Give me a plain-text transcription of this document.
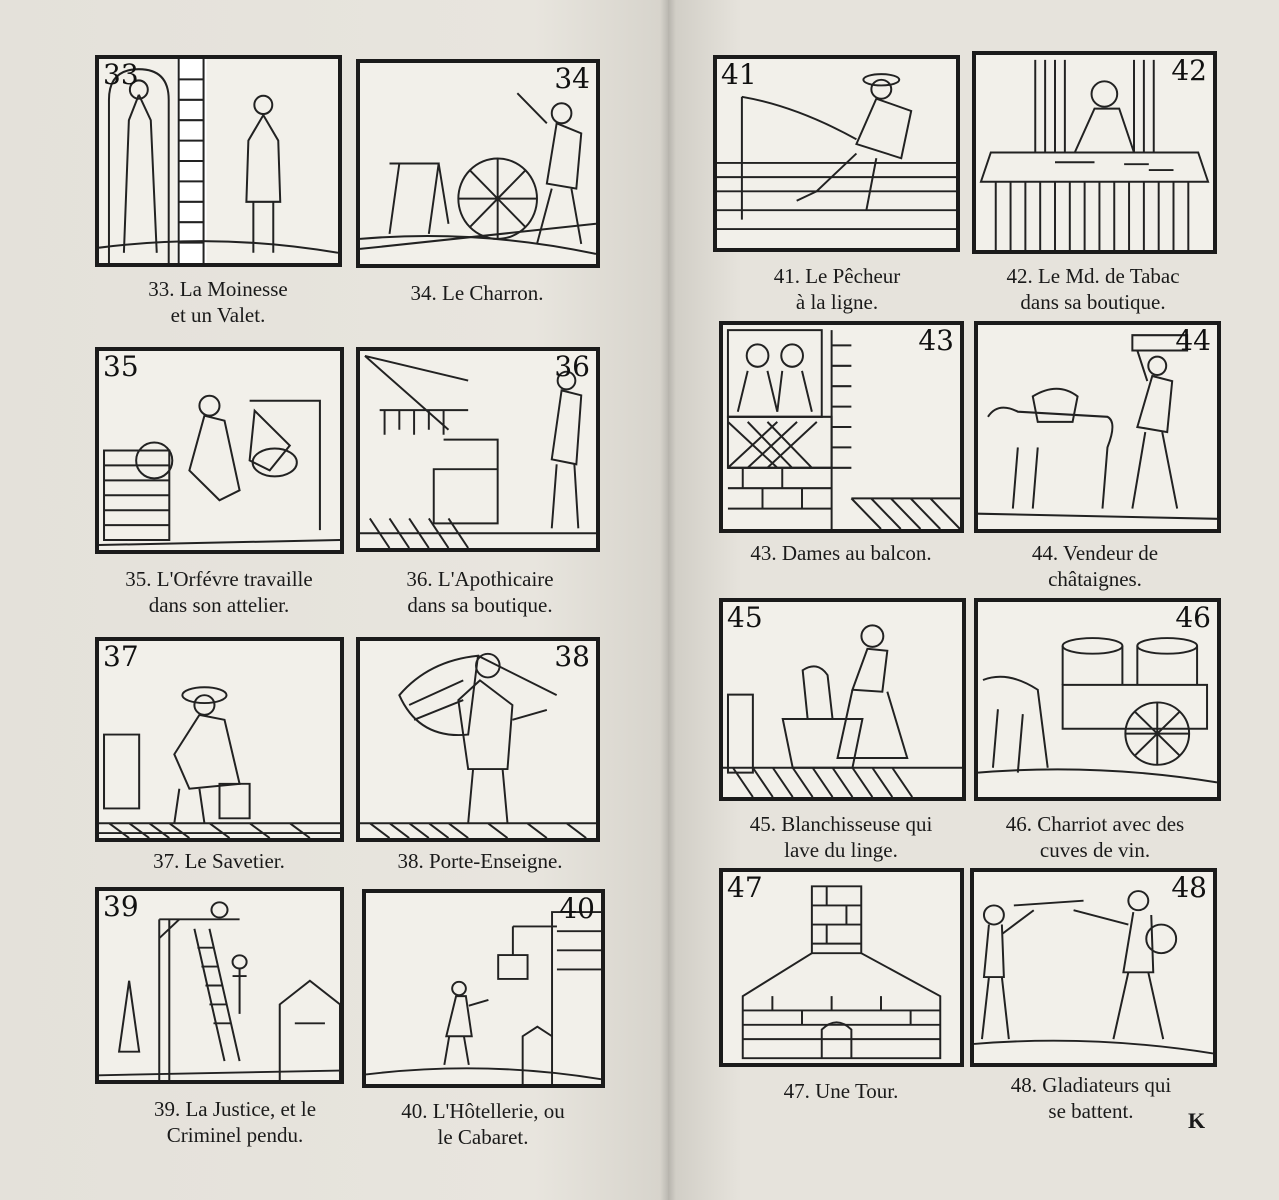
33
33. La Moinesse
et un Valet.
34
34. Le Charron.
35
35. L'Orfévre travaille
dans son attelier.
36
36. L'Apothicaire
dans sa boutique.
37
37. Le Savetier.
38
38. Porte-Enseigne.
39
39. La Justice, et le
Criminel pendu.
40
40. L'Hôtellerie, ou
le Cabaret.
41
41. Le Pêcheur
à la ligne.
42
42. Le Md. de Tabac
dans sa boutique.
43
43. Dames au balcon.
44
44. Vendeur de
châtaignes.
45
45. Blanchisseuse qui
lave du linge.
46
46. Charriot avec des
cuves de vin.
47
47. Une Tour.
48
48. Gladiateurs qui
se battent.	K
